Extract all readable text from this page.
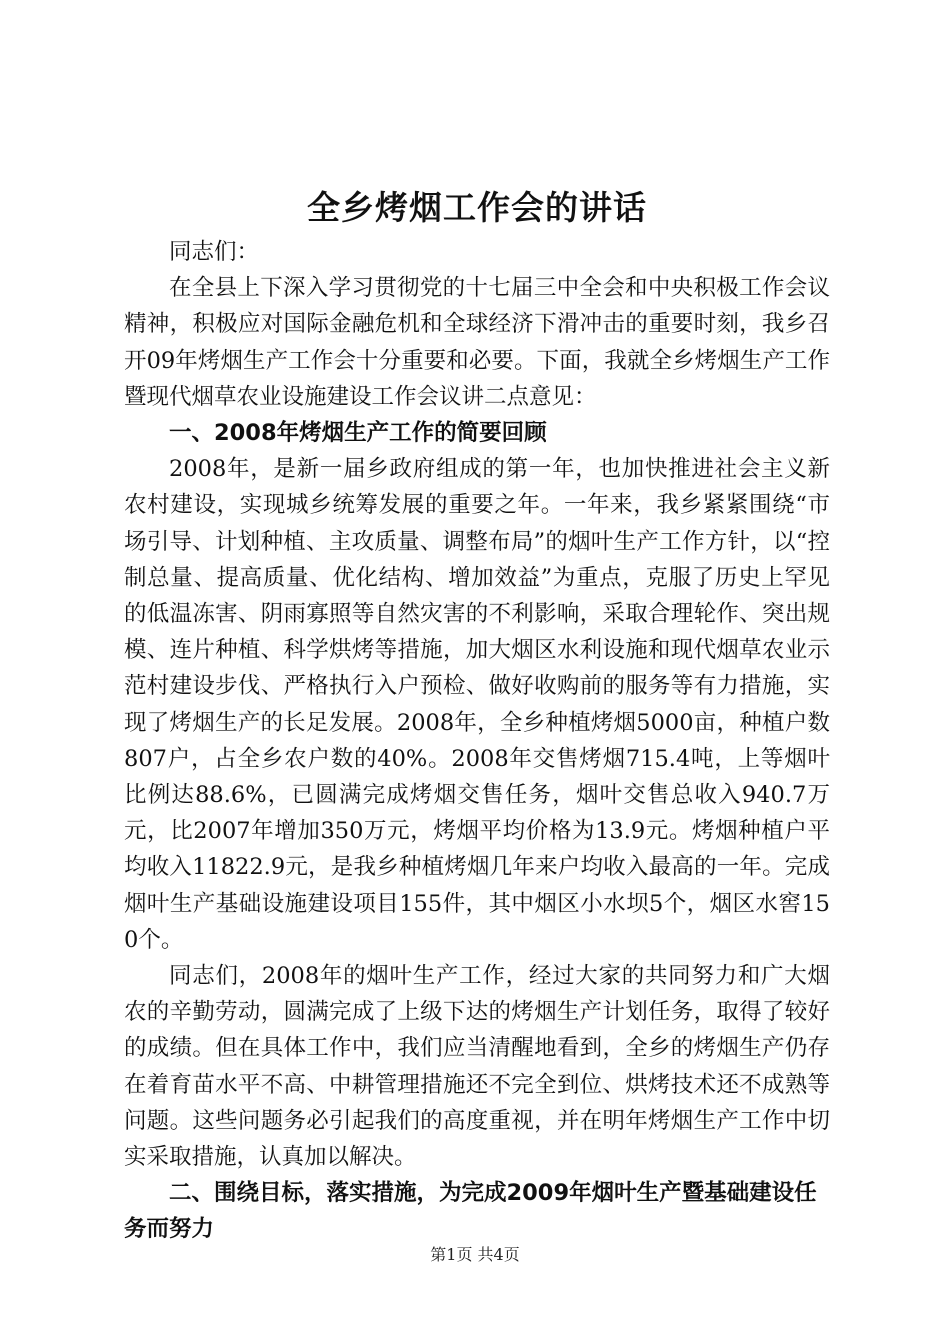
全乡烤烟工作会的讲话

同志们：

在全县上下深入学习贯彻党的十七届三中全会和中央积极工作会议精神，积极应对国际金融危机和全球经济下滑冲击的重要时刻，我乡召开09年烤烟生产工作会十分重要和必要。下面，我就全乡烤烟生产工作暨现代烟草农业设施建设工作会议讲二点意见：

一、2008年烤烟生产工作的简要回顾

2008年，是新一届乡政府组成的第一年，也加快推进社会主义新农村建设，实现城乡统筹发展的重要之年。一年来，我乡紧紧围绕“市场引导、计划种植、主攻质量、调整布局”的烟叶生产工作方针，以“控制总量、提高质量、优化结构、增加效益”为重点，克服了历史上罕见的低温冻害、阴雨寡照等自然灾害的不利影响，采取合理轮作、突出规模、连片种植、科学烘烤等措施，加大烟区水利设施和现代烟草农业示范村建设步伐、严格执行入户预检、做好收购前的服务等有力措施，实现了烤烟生产的长足发展。2008年，全乡种植烤烟5000亩，种植户数807户，占全乡农户数的40%。2008年交售烤烟715.4吨，上等烟叶比例达88.6%，已圆满完成烤烟交售任务，烟叶交售总收入940.7万元，比2007年增加350万元，烤烟平均价格为13.9元。烤烟种植户平均收入11822.9元，是我乡种植烤烟几年来户均收入最高的一年。完成烟叶生产基础设施建设项目155件，其中烟区小水坝5个，烟区水窖150个。

同志们，2008年的烟叶生产工作，经过大家的共同努力和广大烟农的辛勤劳动，圆满完成了上级下达的烤烟生产计划任务，取得了较好的成绩。但在具体工作中，我们应当清醒地看到，全乡的烤烟生产仍存在着育苗水平不高、中耕管理措施还不完全到位、烘烤技术还不成熟等问题。这些问题务必引起我们的高度重视，并在明年烤烟生产工作中切实采取措施，认真加以解决。

二、围绕目标，落实措施，为完成2009年烟叶生产暨基础建设任务而努力

第1页 共4页
